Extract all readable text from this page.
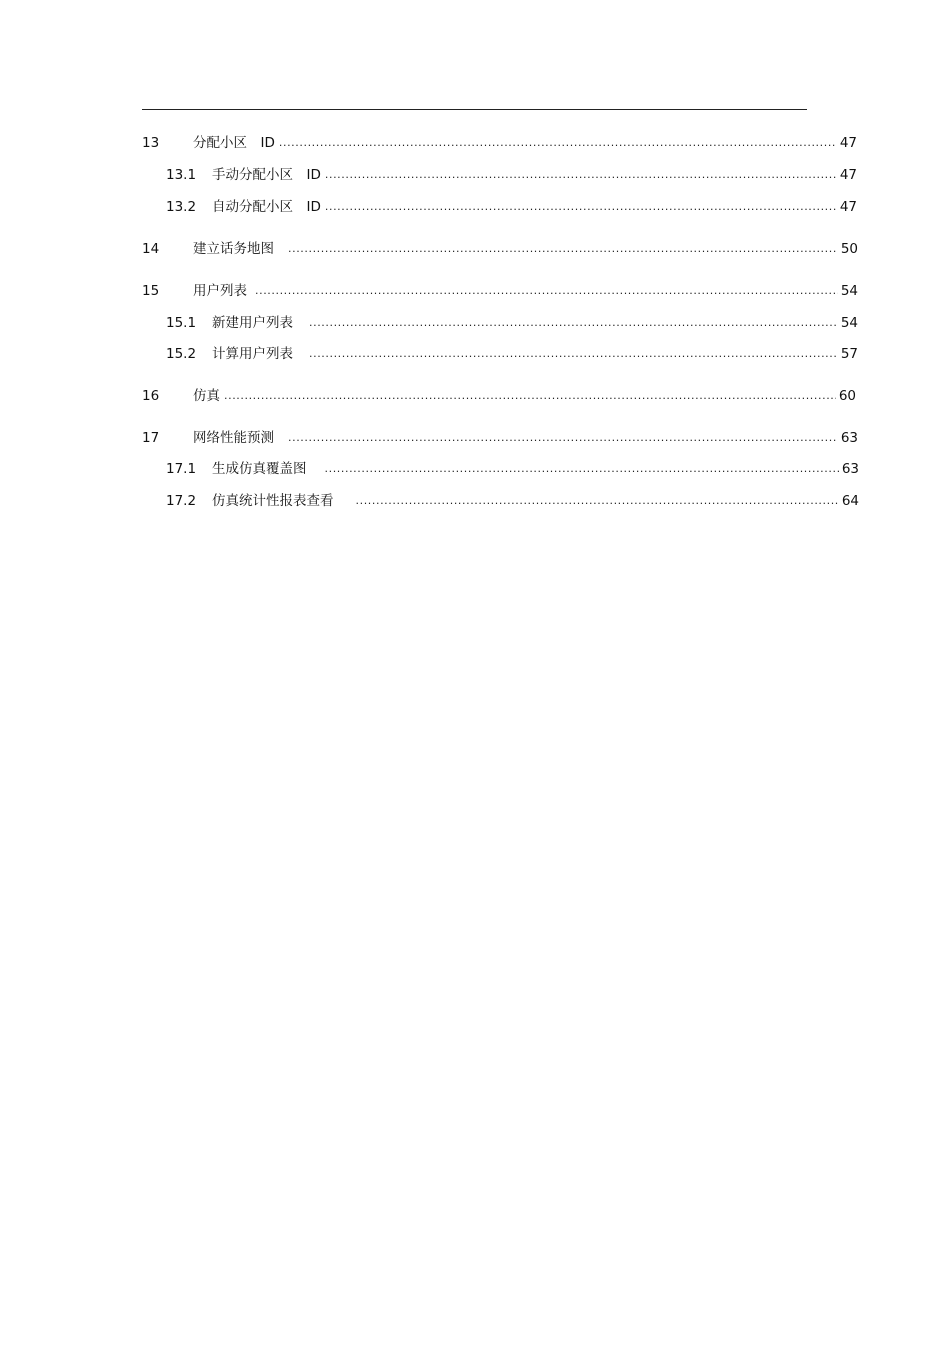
13	分配小区　ID .....	47
13.1	手动分配小区　ID .....	47
13.2	自动分配小区　ID .....	47
14	建立话务地图 .....	50
15	用户列表 .....	54
15.1	新建用户列表 .....	54
15.2	计算用户列表 .....	57
16	仿真 .....	60
17	网络性能预测 .....	63
17.1	生成仿真覆盖图 .....	63
17.2	仿真统计性报表查看 .....	64
